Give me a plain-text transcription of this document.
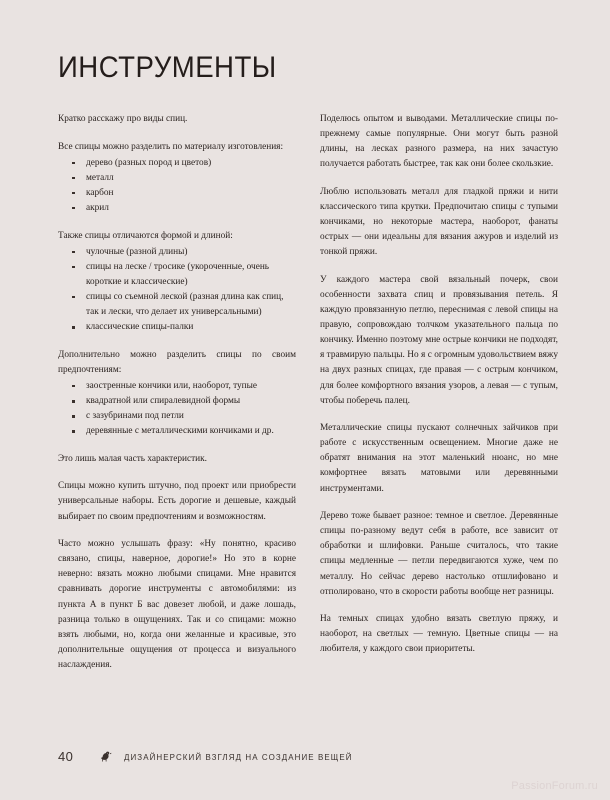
ИНСТРУМЕНТЫ

Кратко расскажу про виды спиц.

Все спицы можно разделить по материалу изготовления:

дерево (разных пород и цветов)
металл
карбон
акрил

Также спицы отличаются формой и длиной:

чулочные (разной длины)
спицы на леске / тросике (укороченные, очень короткие и классические)
спицы со съемной леской (разная длина как спиц, так и лески, что делает их универсальными)
классические спицы-палки

Дополнительно можно разделить спицы по своим предпочтениям:

заостренные кончики или, наоборот, тупые
квадратной или спиралевидной формы
с зазубринами под петли
деревянные с металлическими кончиками и др.

Это лишь малая часть характеристик.

Спицы можно купить штучно, под проект или приобрести универсальные наборы. Есть дорогие и дешевые, каждый выбирает по своим предпочтениям и возможностям.

Часто можно услышать фразу: «Ну понятно, красиво связано, спицы, наверное, дорогие!» Но это в корне неверно: вязать можно любыми спицами. Мне нравится сравнивать дорогие инструменты с автомобилями: из пункта А в пункт Б вас довезет любой, и даже лошадь, разница только в ощущениях. Так и со спицами: можно взять любыми, но, когда они желанные и красивые, это дополнительные ощущения от процесса и визуального наслаждения.

Поделюсь опытом и выводами. Металлические спицы по-прежнему самые популярные. Они могут быть разной длины, на лесках разного размера, на них зачастую получается работать быстрее, так как они более скользкие.

Люблю использовать металл для гладкой пряжи и нити классического типа крутки. Предпочитаю спицы с тупыми кончиками, но некоторые мастера, наоборот, фанаты острых — они идеальны для вязания ажуров и изделий из тонкой пряжи.

У каждого мастера свой вязальный почерк, свои особенности захвата спиц и провязывания петель. Я каждую провязанную петлю, переснимая с левой спицы на правую, сопровождаю толчком указательного пальца по кончику. Именно поэтому мне острые кончики не подходят, я травмирую пальцы. Но я с огромным удовольствием вяжу на двух разных спицах, где правая — с острым кончиком, для более комфортного вязания узоров, а левая — с тупым, чтобы поберечь палец.

Металлические спицы пускают солнечных зайчиков при работе с искусственным освещением. Многие даже не обратят внимания на этот маленький нюанс, но мне комфортнее вязать матовыми или деревянными инструментами.

Дерево тоже бывает разное: темное и светлое. Деревянные спицы по-разному ведут себя в работе, все зависит от обработки и шлифовки. Раньше считалось, что такие спицы медленные — петли передвигаются хуже, чем по металлу. Но сейчас дерево настолько отшлифовано и отполировано, что в скорости работы вообще нет разницы.

На темных спицах удобно вязать светлую пряжу, и наоборот, на светлых — темную. Цветные спицы — на любителя, у каждого свои приоритеты.

40	ДИЗАЙНЕРСКИЙ ВЗГЛЯД НА СОЗДАНИЕ ВЕЩЕЙ
PassionForum.ru
